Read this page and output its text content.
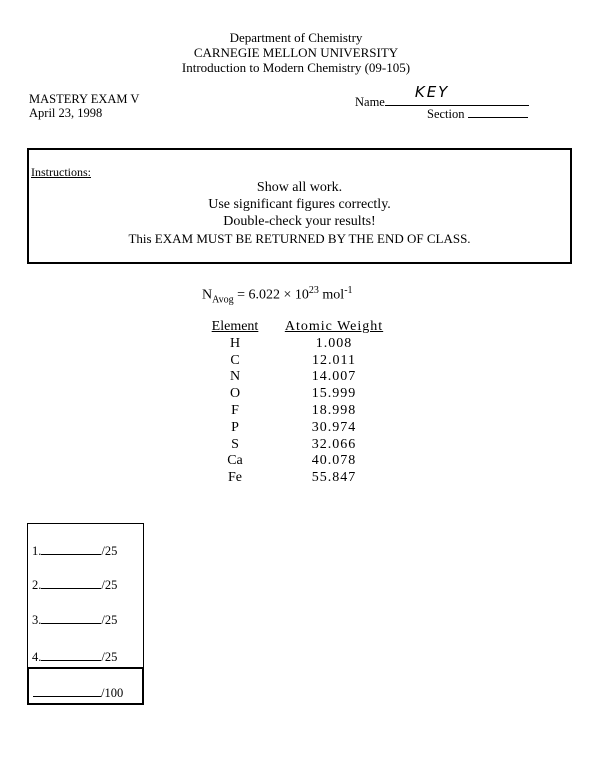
Department of Chemistry
CARNEGIE MELLON UNIVERSITY
Introduction to Modern Chemistry (09-105)
MASTERY EXAM V
April 23, 1998
Name
KEY
Section
Instructions:
Show all work.
Use significant figures correctly.
Double-check your results!
This EXAM MUST BE RETURNED BY THE END OF CLASS.
$N_{Avog} = 6.022 \times 10^{23}$ mol$^{-1}$
Element	Atomic Weight
H	1.008
C	12.011
N	14.007
O	15.999
F	18.998
P	30.974
S	32.066
Ca	40.078
Fe	55.847
1.	/25
2.	/25
3.	/25
4.	/25
/100
